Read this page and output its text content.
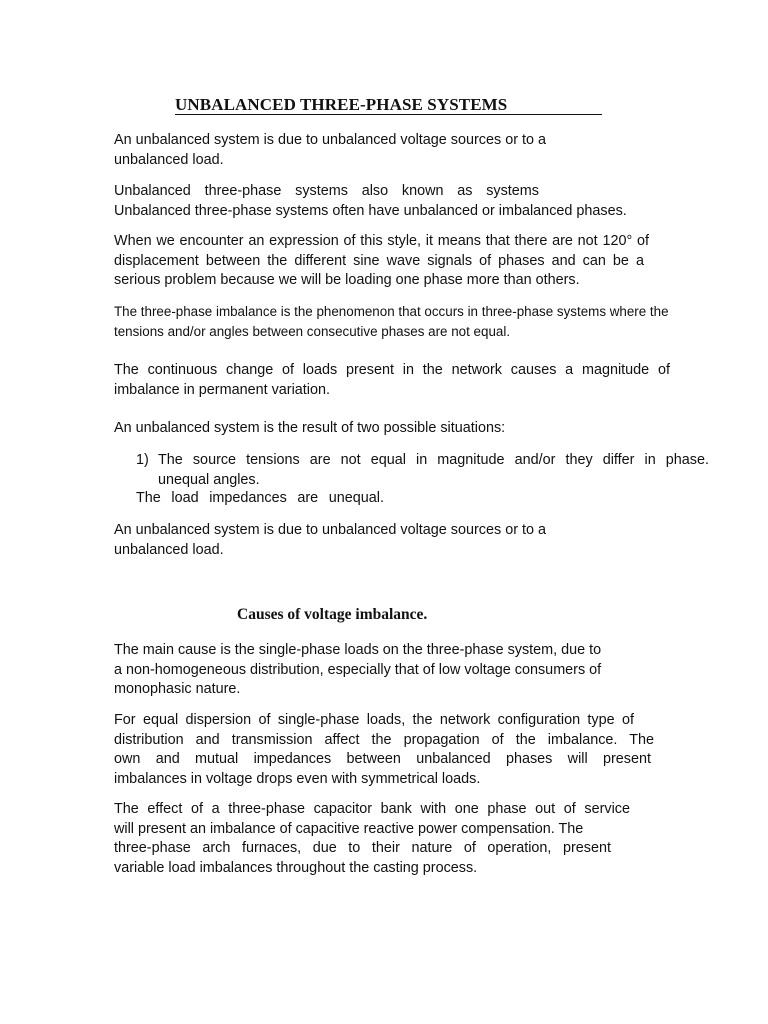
UNBALANCED THREE-PHASE SYSTEMS
An unbalanced system is due to unbalanced voltage sources or to a
unbalanced load.
Unbalanced three-phase systems also known as systems
Unbalanced three-phase systems often have unbalanced or imbalanced phases.
When we encounter an expression of this style, it means that there are not 120° of
displacement between the different sine wave signals of phases and can be a
serious problem because we will be loading one phase more than others.
The three-phase imbalance is the phenomenon that occurs in three-phase systems where the
tensions and/or angles between consecutive phases are not equal.
The continuous change of loads present in the network causes a magnitude of
imbalance in permanent variation.
An unbalanced system is the result of two possible situations:
1) The source tensions are not equal in magnitude and/or they differ in phase.
unequal angles.
The load impedances are unequal.
An unbalanced system is due to unbalanced voltage sources or to a
unbalanced load.
Causes of voltage imbalance.
The main cause is the single-phase loads on the three-phase system, due to
a non-homogeneous distribution, especially that of low voltage consumers of
monophasic nature.
For equal dispersion of single-phase loads, the network configuration type of
distribution and transmission affect the propagation of the imbalance. The
own and mutual impedances between unbalanced phases will present
imbalances in voltage drops even with symmetrical loads.
The effect of a three-phase capacitor bank with one phase out of service
will present an imbalance of capacitive reactive power compensation. The
three-phase arch furnaces, due to their nature of operation, present
variable load imbalances throughout the casting process.
